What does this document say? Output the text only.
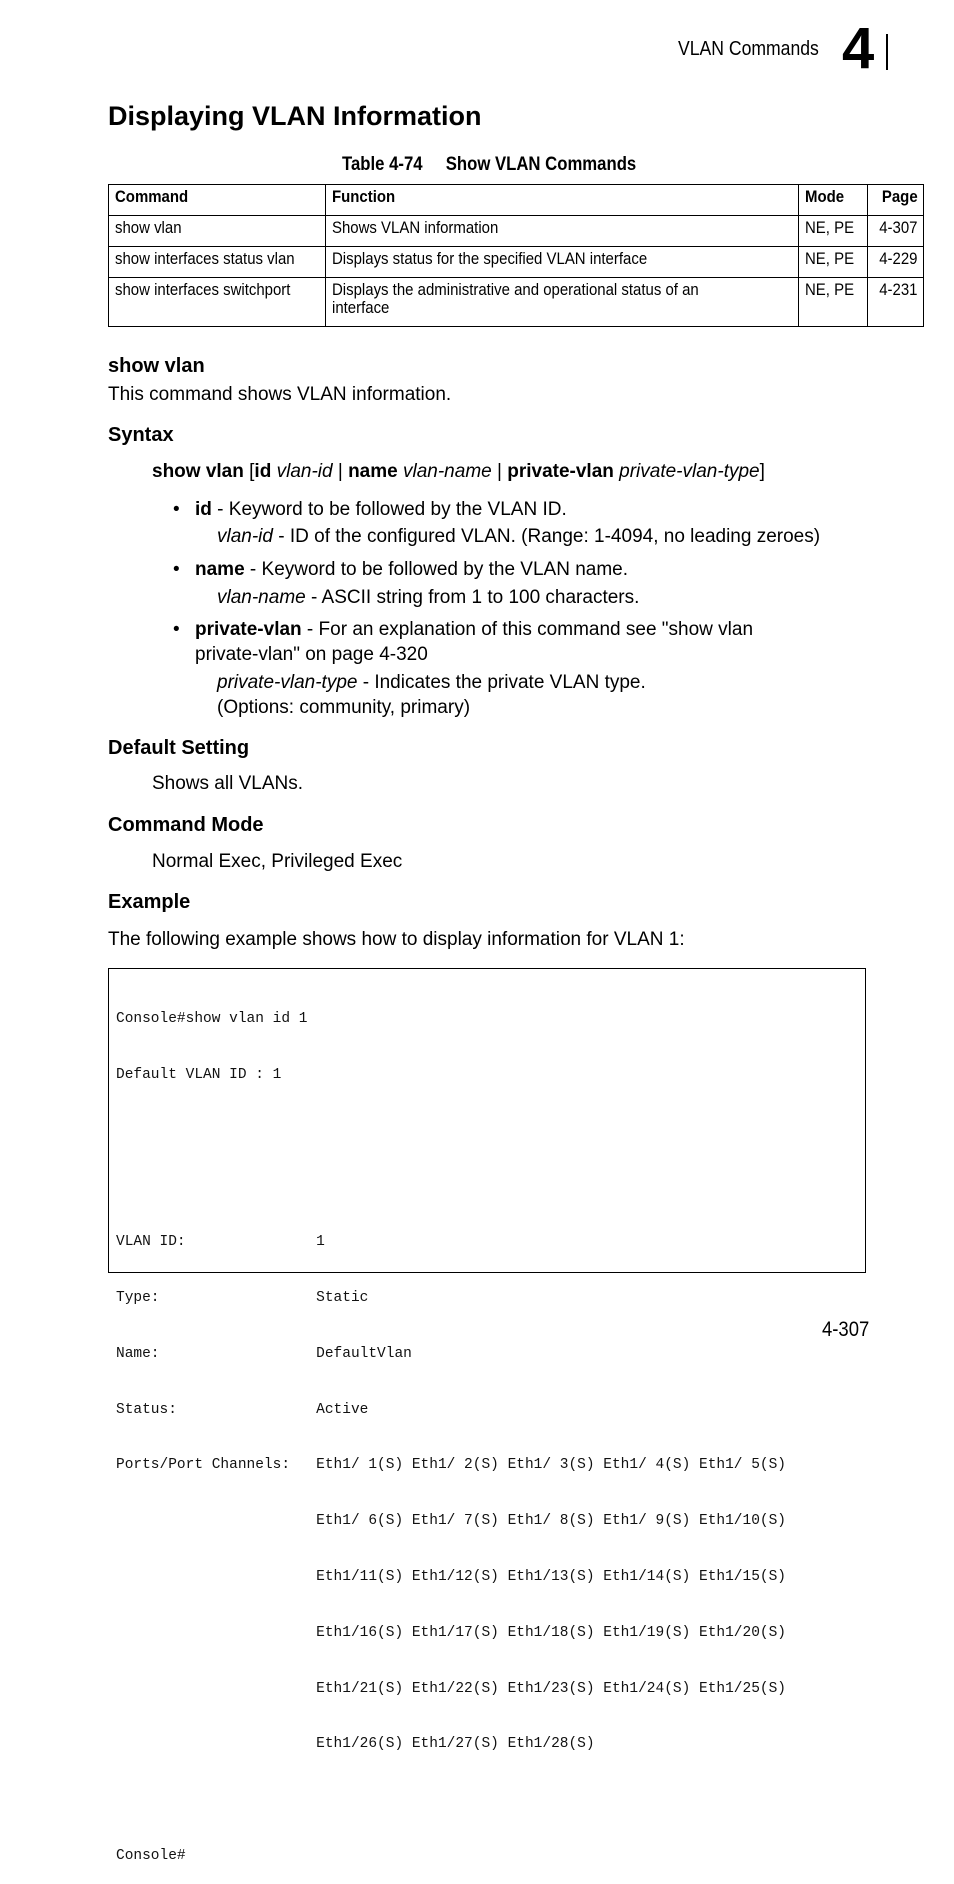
VLAN Commands 4
Displaying VLAN Information
Table 4-74     Show VLAN Commands
Command	Function	Mode	Page
show vlan	Shows VLAN information	NE, PE	4-307
show interfaces status vlan	Displays status for the specified VLAN interface	NE, PE	4-229
show interfaces switchport	Displays the administrative and operational status of an interface	NE, PE	4-231
show vlan
This command shows VLAN information.
Syntax
show vlan [id vlan-id | name vlan-name | private-vlan private-vlan-type]
• id - Keyword to be followed by the VLAN ID.
vlan-id - ID of the configured VLAN. (Range: 1-4094, no leading zeroes)
• name - Keyword to be followed by the VLAN name.
vlan-name - ASCII string from 1 to 100 characters.
• private-vlan - For an explanation of this command see "show vlan
private-vlan" on page 4-320
private-vlan-type - Indicates the private VLAN type.
(Options: community, primary)
Default Setting
Shows all VLANs.
Command Mode
Normal Exec, Privileged Exec
Example
The following example shows how to display information for VLAN 1:

Console#show vlan id 1

Default VLAN ID : 1

VLAN ID:               1

Type:                  Static

Name:                  DefaultVlan

Status:                Active

Ports/Port Channels:   Eth1/ 1(S) Eth1/ 2(S) Eth1/ 3(S) Eth1/ 4(S) Eth1/ 5(S)

Eth1/ 6(S) Eth1/ 7(S) Eth1/ 8(S) Eth1/ 9(S) Eth1/10(S)

Eth1/11(S) Eth1/12(S) Eth1/13(S) Eth1/14(S) Eth1/15(S)

Eth1/16(S) Eth1/17(S) Eth1/18(S) Eth1/19(S) Eth1/20(S)

Eth1/21(S) Eth1/22(S) Eth1/23(S) Eth1/24(S) Eth1/25(S)

Eth1/26(S) Eth1/27(S) Eth1/28(S)

Console#

4-307
